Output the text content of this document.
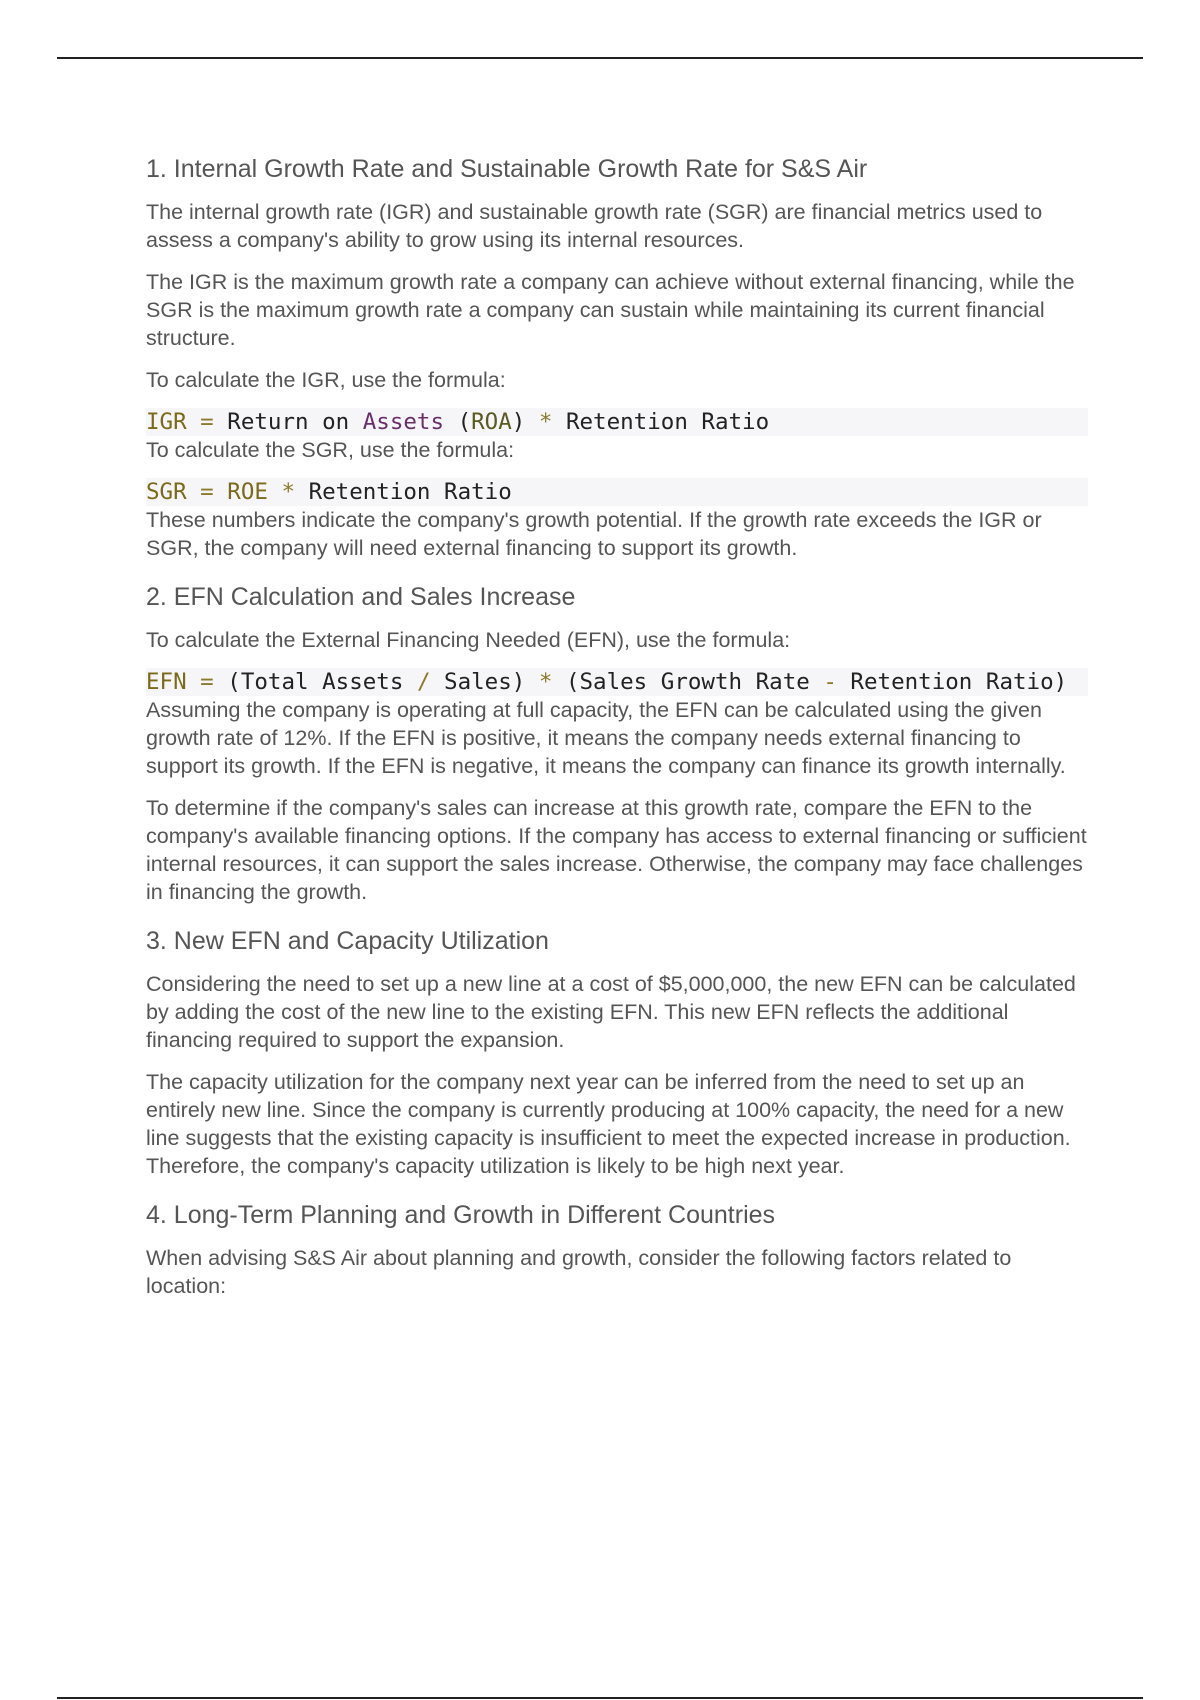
1. Internal Growth Rate and Sustainable Growth Rate for S&S Air

The internal growth rate (IGR) and sustainable growth rate (SGR) are financial metrics used to assess a company's ability to grow using its internal resources.

The IGR is the maximum growth rate a company can achieve without external financing, while the SGR is the maximum growth rate a company can sustain while maintaining its current financial structure.

To calculate the IGR, use the formula:

IGR = Return on Assets (ROA) * Retention Ratio

To calculate the SGR, use the formula:

SGR = ROE * Retention Ratio

These numbers indicate the company's growth potential. If the growth rate exceeds the IGR or SGR, the company will need external financing to support its growth.

2. EFN Calculation and Sales Increase

To calculate the External Financing Needed (EFN), use the formula:

EFN = (Total Assets / Sales) * (Sales Growth Rate - Retention Ratio)

Assuming the company is operating at full capacity, the EFN can be calculated using the given growth rate of 12%. If the EFN is positive, it means the company needs external financing to support its growth. If the EFN is negative, it means the company can finance its growth internally.

To determine if the company's sales can increase at this growth rate, compare the EFN to the company's available financing options. If the company has access to external financing or sufficient internal resources, it can support the sales increase. Otherwise, the company may face challenges in financing the growth.

3. New EFN and Capacity Utilization

Considering the need to set up a new line at a cost of $5,000,000, the new EFN can be calculated by adding the cost of the new line to the existing EFN. This new EFN reflects the additional financing required to support the expansion.

The capacity utilization for the company next year can be inferred from the need to set up an entirely new line. Since the company is currently producing at 100% capacity, the need for a new line suggests that the existing capacity is insufficient to meet the expected increase in production. Therefore, the company's capacity utilization is likely to be high next year.

4. Long-Term Planning and Growth in Different Countries

When advising S&S Air about planning and growth, consider the following factors related to location:
